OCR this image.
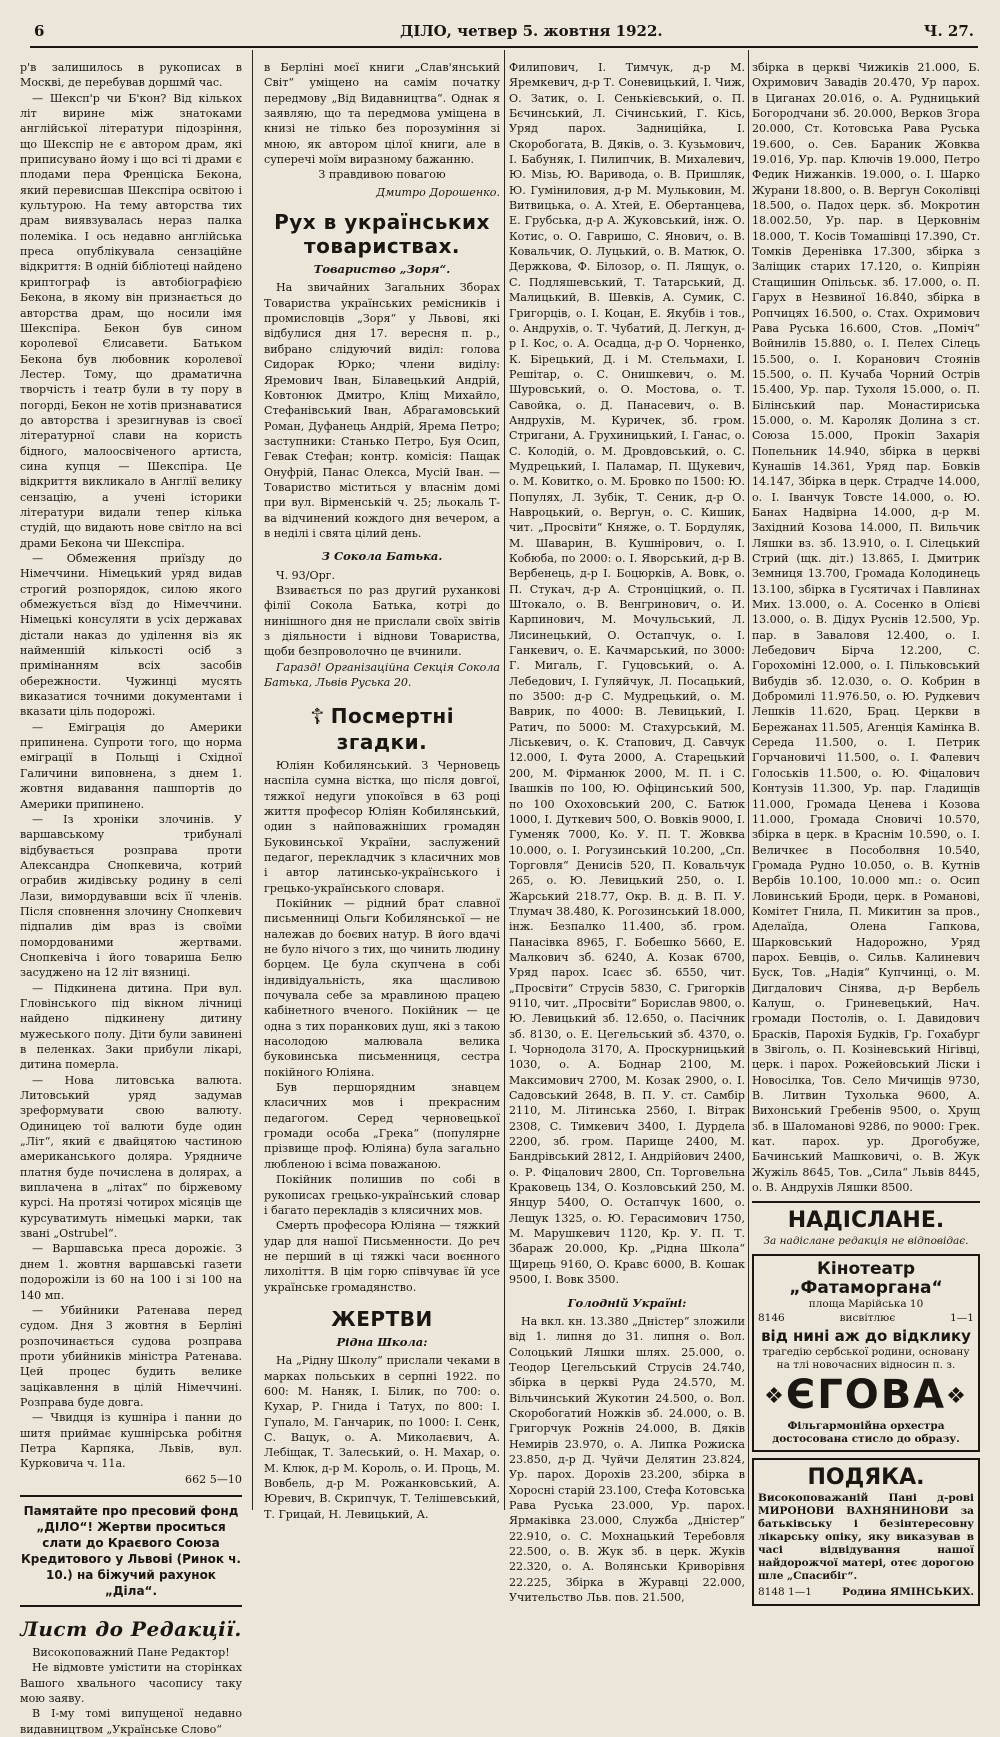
6	ДІЛО, четвер 5. жовтня 1922.	Ч. 27.

р'в залишилось в рукописах в Москві, де перебував доршмй час.

— Шексп'р чи Б'кон? Від кількох літ вирине між знатоками англійської літератури підозріння, що Шекспір не є автором драм, які приписувано йому і що всі ті драми є плодами пера Френціска Бекона, який перевисшав Шекспіра освітою і культурою. На тему авторства тих драм виявзувалась нераз палка полеміка. І ось недавно англійська преса опублікувала сензаційне відкриття: В одній бібліотеці найдено криптограф із автобіографією Бекона, в якому він признається до авторства драм, що носили імя Шекспіра. Бекон був сином королевої Єлисавети. Батьком Бекона був любовник королевої Лестер. Тому, що драматична творчість і театр були в ту пору в погорді, Бекон не хотів признаватися до авторства і зрезигнував із своєї літературної слави на користь бідного, малоосвіченого артиста, сина купця — Шекспіра. Це відкриття викликало в Англії велику сензацію, а учені історики літератури видали тепер кілька студій, що видають нове світло на всі драми Бекона чи Шекспіра.

— Обмеження приїзду до Німеччини. Німецький уряд видав строгий розпорядок, силою якого обмежується вїзд до Німеччини. Німецькі консуляти в усіх державах дістали наказ до уділення віз як найменшій кількості осіб з примінанням всіх засобів обережности. Чужинці мусять виказатися точними документами і вказати ціль подорожі.

— Еміграція до Америки припинена. Супроти того, що норма еміграції в Польщі і Східної Галичини виповнена, з днем 1. жовтня видавання пашпортів до Америки припинено.

— Із хроніки злочинів. У варшавському трибуналі відбувається розправа проти Александра Снопкевича, котрий ограбив жидівську родину в селі Лази, вимордувавши всіх її членів. Після сповнення злочину Снопкевич підпалив дім враз із своїми помордованими жертвами. Снопкевіча і його товариша Белю засуджено на 12 літ вязниці.

— Підкинена дитина. При вул. Гловінського під вікном лічниці найдено підкинену дитину мужеського полу. Діти були завинені в пеленках. Заки прибули лікарі, дитина померла.

— Нова литовська валюта. Литовський уряд задумав зреформувати свою валюту. Одиницею тої валюти буде один „Літ“, який є двайцятою частиною американського доляра. Урядниче платня буде почислена в долярах, а виплачена в „літах“ по біржевому курсі. На протязі чотирох місяців ще курсуватимуть німецькі марки, так звані „Ostrubel“.

— Варшавська преса дорожіє. З днем 1. жовтня варшавські газети подорожіли із 60 на 100 і зі 100 на 140 мп.

— Убийники Ратенава перед судом. Дня 3 жовтня в Берліні розпочинається судова розправа проти убийників міністра Ратенава. Цей процес будить велике зацікавлення в цілій Німеччині. Розправа буде довга.

— Чвидця із кушніра і панни до шитя приймає кушнірська робітня Петра Карпяка, Львів, вул. Курковича ч. 11а.

662 5—10
Памятайте про пресовий фонд „ДІЛО“! Жертви проситься слати до Краєвого Союза Кредитового у Львові (Ринок ч. 10.) на біжучий рахунок „Діла“.
Лист до Редакції.

Високоповажний Пане Редактор!

Не відмовте умістити на сторінках Вашого хвального часопису таку мою заяву.

В І-му томі випущеної недавно видавництвом „Українське Слово“

в Берліні моєї книги „Слав'янський Світ“ уміщено на самім початку передмову „Від Видавництва“. Однак я заявляю, що та передмова уміщена в книзі не тілько без порозуміння зі мною, як автором цілої книги, але в суперечі моїм виразному бажанню.

З правдивою повагою

Дмитро Дорошенко.
Рух в українських товариствах.
Товариство „Зоря“.

На звичайних Загальних Зборах Товариства українських ремісників і промисловців „Зоря“ у Львові, які відбулися дня 17. вересня п. р., вибрано слідуючий виділ: голова Сидорак Юрко; члени виділу: Яремович Іван, Білавецький Андрій, Ковтонюк Дмитро, Кліщ Михайло, Стефанівський Іван, Абрагамовський Роман, Дуфанець Андрій, Ярема Петро; заступники: Станько Петро, Буя Осип, Гевак Стефан; контр. комісія: Пащак Онуфрій, Панас Олекса, Мусій Іван. — Товариство міститься у власнім домі при вул. Вірменській ч. 25; льокаль Т-ва відчинений кождого дня вечером, а в неділі і свята цілий день.

З Сокола Батька.

Ч. 93/Орг.

Взивається по раз другий руханкові філії Сокола Батька, котрі до нинішного дня не прислали своїх звітів з діяльности і віднови Товариства, щоби безпроволочно це вчинили.

Гаразд! Організаційна Секція Сокола Батька, Львів Руська 20.

☦ Посмертні згадки.

Юліян Кобилянський. З Черновець наспіла сумна вістка, що після довгої, тяжкої недуги упокоївся в 63 році життя професор Юліян Кобилянський, один з найповажніших громадян Буковинської України, заслужений педагог, перекладчик з класичних мов і автор латинсько-українського і грецько-українського словаря.

Покійник — рідний брат славної письменниці Ольги Кобилянської — не належав до боєвих натур. В його вдачі не було нічого з тих, що чинить людину борцем. Це була скупчена в собі індивідуальність, яка щасливою почувала себе за мравлиною працею кабінетного вченого. Покійник — це одна з тих поранкових душ, які з такою насолодою малювала велика буковинська письменниця, сестра покійного Юліяна.

Був першорядним знавцем класичних мов і прекрасним педагогом. Серед черновецької громади особа „Грека“ (популярне прізвище проф. Юліяна) була загально любленою і всіма поважаною.

Покійник полишив по собі в рукописах грецько-український словар і багато перекладів з клясичних мов.

Смерть професора Юліяна — тяжкий удар для нашої Письменности. До реч не перший в ці тяжкі часи воєнного лихоліття. В цім горю співчуває їй усе українське громадянство.

ЖЕРТВИ
Рідна Школа:

На „Рідну Школу“ прислали чеками в марках польських в серпні 1922. по 600: М. Наняк, І. Білик, по 700: о. Кухар, Р. Гнида і Татух, по 800: І. Гупало, М. Ганчарик, по 1000: І. Сенк, С. Вацук, о. А. Миколаєвич, А. Лебіщак, Т. Залеський, о. Н. Махар, о. М. Клюк, д-р М. Король, о. И. Проць, М. Вовбель, д-р М. Рожанковський, А. Юревич, В. Скрипчук, Т. Телішевський, Т. Грицай, Н. Левицький, А.

Филипович, І. Тимчук, д-р М. Яремкевич, д-р Т. Соневицький, І. Чиж, О. Затик, о. І. Сенькієвський, о. П. Бєчинський, Л. Січинський, Г. Кісь, Уряд парох. Задниційка, І. Скоробогата, В. Дяків, о. З. Кузьмович, І. Бабуняк, І. Пилипчик, В. Михалевич, Ю. Мізь, Ю. Варивода, о. В. Пришляк, Ю. Гуміниловия, д-р М. Мульковин, М. Витвицька, о. А. Хтей, Е. Обертанцева, Е. Грубська, д-р А. Жуковський, інж. О. Котис, о. О. Гавришо, С. Янович, о. В. Ковальчик, О. Луцький, о. В. Матюк, О. Держкова, Ф. Білозор, о. П. Лящук, о. С. Подляшевський, Т. Татарський, Д. Малицький, В. Шевків, А. Сумик, С. Григорців, о. І. Коцан, Е. Якубів і тов., о. Андрухів, о. Т. Чубатий, Д. Легкун, д-р І. Кос, о. А. Осадца, д-р О. Чорненко, К. Бірецький, Д. і М. Стельмахи, І. Решітар, о. С. Онишкевич, о. М. Шуровський, о. О. Мостова, о. Т. Савойка, о. Д. Панасевич, о. В. Андрухів, М. Куричек, зб. гром. Стригани, А. Грухиницький, І. Ганас, о. С. Колодій, о. М. Дровдовський, о. С. Мудрецький, І. Паламар, П. Щукевич, о. М. Ковитко, о. М. Бровко по 1500: Ю. Популях, Л. Зубік, Т. Сеник, д-р О. Навроцький, о. Вергун, о. С. Кишик, чит. „Просвіти“ Княже, о. Т. Бордуляк, М. Шаварин, В. Кушнірович, о. І. Кобюба, по 2000: о. І. Яворський, д-р В. Вербенець, д-р І. Боцюрків, А. Вовк, о. П. Стукач, д-р А. Стронціцкий, о. П. Штокало, о. В. Венгринович, о. И. Карпинович, М. Мочульський, Л. Лисинецький, О. Остапчук, о. І. Ганкевич, о. Е. Качмарський, по 3000: Г. Мигаль, Г. Гуцовський, о. А. Лебедович, І. Гуляйчук, Л. Посацький, по 3500: д-р С. Мудрецький, о. М. Ваврик, по 4000: В. Левицький, І. Ратич, по 5000: М. Стахурський, М. Ліськевич, о. К. Стапович, Д. Савчук 12.000, І. Фута 2000, А. Старецький 200, М. Фірманюк 2000, М. П. і С. Івашків по 100, Ю. Офіцинський 500, по 100 Охоховський 200, С. Батюк 1000, І. Дуткевич 500, О. Вовків 9000, І. Гуменяк 7000, Ко. У. П. Т. Жовква 10.000, о. І. Рогузинський 10.200, „Сп. Торговля“ Денисів 520, П. Ковальчук 265, о. Ю. Левицький 250, о. І. Жарський 218.77, Окр. В. д. В. П. У. Тлумач 38.480, К. Рогозинський 18.000, інж. Безпалко 11.400, зб. гром. Панасівка 8965, Г. Бобешко 5660, Е. Малкович зб. 6240, А. Козак 6700, Уряд парох. Ісаєс зб. 6550, чит. „Просвіти“ Струсів 5830, С. Григорків 9110, чит. „Просвіти“ Борислав 9800, о. Ю. Левицький зб. 12.650, о. Пасічник зб. 8130, о. Е. Цегельський зб. 4370, о. І. Чорнодола 3170, А. Проскурницький 1030, о. А. Боднар 2100, М. Максимович 2700, М. Козак 2900, о. І. Садовський 2648, В. П. У. ст. Самбір 2110, М. Літинська 2560, І. Вітрак 2308, С. Тимкевич 3400, І. Дурдела 2200, зб. гром. Парище 2400, М. Бандрівський 2812, І. Андрійович 2400, о. Р. Фіцалович 2800, Сп. Торговельна Краковець 134, О. Козловський 250, М. Янцур 5400, О. Остапчук 1600, о. Лещук 1325, о. Ю. Герасимович 1750, М. Марушкевич 1120, Кр. У. П. Т. Збараж 20.000, Кр. „Рідна Школа“ Щирець 9160, О. Кравс 6000, В. Кошак 9500, І. Вовк 3500.

Голодній Україні:

На вкл. кн. 13.380 „Дністер“ зложили від 1. липня до 31. липня о. Вол. Солоцький Ляшки шлях. 25.000, о. Теодор Цегельський Струсів 24.740, збірка в церкві Руда 24.570, М. Вільчинський Жукотин 24.500, о. Вол. Скоробогатий Ножків зб. 24.000, о. В. Григорчук Рожнів 24.000, В. Дяків Немирів 23.970, о. А. Липка Рожиска 23.850, д-р Д. Чуйчи Делятин 23.824, Ур. парох. Дорохів 23.200, збірка в Хоросні старій 23.100, Стефа Котовська Рава Руська 23.000, Ур. парох. Ярмаківка 23.000, Служба „Дністер“ 22.910, о. С. Мохнацький Теребовля 22.500, о. В. Жук зб. в церк. Жуків 22.320, о. А. Волянськи Криворівня 22.225, Збірка в Журавці 22.000, Учительство Льв. пов. 21.500,

збірка в церкві Чижиків 21.000, Б. Охримович Завадів 20.470, Ур парох. в Циганах 20.016, о. А. Рудницький Богородчани зб. 20.000, Верков Згора 20.000, Ст. Котовська Рава Руська 19.600, о. Сев. Бараник Жовква 19.016, Ур. пар. Ключів 19.000, Петро Федик Нижанків. 19.000, о. І. Шарко Журани 18.800, о. В. Вергун Соколівці 18.500, о. Падох церк. зб. Мокротин 18.002.50, Ур. пар. в Церковнім 18.000, Т. Косів Томашівці 17.390, Ст. Томків Деренівка 17.300, збірка з Заліщик старих 17.120, о. Кипріян Стащишин Опільськ. зб. 17.000, о. П. Гарух в Незвиної 16.840, збірка в Ропчицях 16.500, о. Стах. Охримович Рава Руська 16.600, Стов. „Поміч“ Войнилів 15.880, о. І. Пелех Сілець 15.500, о. І. Коранович Стоянів 15.500, о. П. Кучаба Чорний Острів 15.400, Ур. пар. Тухоля 15.000, о. П. Білінський пар. Монастириська 15.000, о. М. Кароляк Долина з ст. Союза 15.000, Прокіп Захарія Попельник 14.940, збірка в церкві Кунашів 14.361, Уряд пар. Бовків 14.147, Збірка в церк. Страдче 14.000, о. І. Іванчук Товсте 14.000, о. Ю. Банах Надвірна 14.000, д-р М. Західний Козова 14.000, П. Вильчик Ляшки вз. зб. 13.910, о. І. Сілецький Стрий (щк. діт.) 13.865, І. Дмитрик Земниця 13.700, Громада Колодинець 13.100, збірка в Гусятичах і Павлинах Мих. 13.000, о. А. Сосенко в Олієві 13.000, о. В. Дідух Руснів 12.500, Ур. пар. в Заваловя 12.400, о. І. Лебедович Бірча 12.200, С. Горохоміні 12.000, о. І. Пільковський Вибудів зб. 12.030, о. О. Кобрин в Добромилі 11.976.50, о. Ю. Рудкевич Лешків 11.620, Брац. Церкви в Бережанах 11.505, Агенція Камінка В. Середа 11.500, о. І. Петрик Горчановичі 11.500, о. І. Фалевич Голоськів 11.500, о. Ю. Фіцалович Контузів 11.300, Ур. пар. Гладищів 11.000, Громада Ценева і Козова 11.000, Громада Сновичі 10.570, збірка в церк. в Краснім 10.590, о. І. Величкеє в Пособолвня 10.540, Громада Рудно 10.050, о. В. Кутнів Вербів 10.100, 10.000 мп.: о. Осип Ловинський Броди, церк. в Романові, Комітет Гнила, П. Микитин за пров., Аделаїда, Олена Гапкова, Шарковський Надорожно, Уряд парох. Бевців, о. Сильв. Калиневич Буск, Тов. „Надія“ Купчинці, о. М. Дигдалович Сінява, д-р Вербель Калуш, о. Гриневецький, Нач. громади Постолів, о. І. Давидович Брасків, Парохія Будків, Гр. Гохабург в Звіголь, о. П. Козіневський Нігівці, церк. і парох. Рожейовський Ліски і Новосілка, Тов. Село Мичищів 9730, В. Литвин Тухолька 9600, А. Вихонський Гребенів 9500, о. Хрущ зб. в Шаломанові 9286, по 9000: Грек. кат. парох. ур. Дрогобуже, Бачинський Машковичі, о. В. Жук Жужіль 8645, Тов. „Сила“ Львів 8445, о. В. Андрухів Ляшки 8500.

НАДІСЛАНЕ.
За надіслане редакція не відповідає.
Кінотеатр „Фатаморгана“
площа Марійська 10
8146	висвітлює	1—1
від нині аж до відклику
трагедію сербської родини, основану на тлі новочасних відносин п. з.
❖ЄГОВА❖
Фільгармонійна орхестра достосована стисло до образу.
ПОДЯКА.
Високоповажаній Пані д-рові МИРОНОВИ ВАХНЯНИНОВИ за батьківську і безінтересовну лікарську опіку, яку виказував в часі відвідування нашої найдорожчої матері, отеє дорогою шле „Спасибіг“.
8148 1—1	Родина ЯМІНСЬКИХ.
